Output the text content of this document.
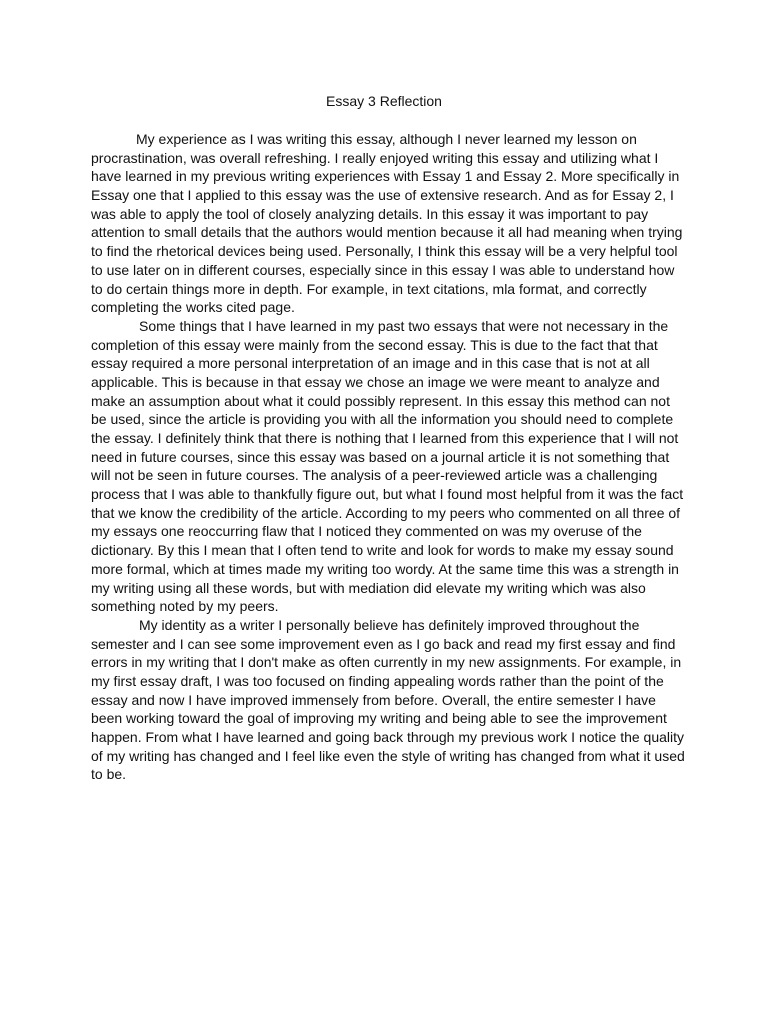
Essay 3 Reflection
My experience as I was writing this essay, although I never learned my lesson on
procrastination, was overall refreshing. I really enjoyed writing this essay and utilizing what I
have learned in my previous writing experiences with Essay 1 and Essay 2. More specifically in
Essay one that I applied to this essay was the use of extensive research. And as for Essay 2, I
was able to apply the tool of closely analyzing details. In this essay it was important to pay
attention to small details that the authors would mention because it all had meaning when trying
to find the rhetorical devices being used. Personally, I think this essay will be a very helpful tool
to use later on in different courses, especially since in this essay I was able to understand how
to do certain things more in depth. For example, in text citations, mla format, and correctly
completing the works cited page.
Some things that I have learned in my past two essays that were not necessary in the
completion of this essay were mainly from the second essay. This is due to the fact that that
essay required a more personal interpretation of an image and in this case that is not at all
applicable. This is because in that essay we chose an image we were meant to analyze and
make an assumption about what it could possibly represent. In this essay this method can not
be used, since the article is providing you with all the information you should need to complete
the essay. I definitely think that there is nothing that I learned from this experience that I will not
need in future courses, since this essay was based on a journal article it is not something that
will not be seen in future courses. The analysis of a peer-reviewed article was a challenging
process that I was able to thankfully figure out, but what I found most helpful from it was the fact
that we know the credibility of the article. According to my peers who commented on all three of
my essays one reoccurring flaw that I noticed they commented on was my overuse of the
dictionary. By this I mean that I often tend to write and look for words to make my essay sound
more formal, which at times made my writing too wordy. At the same time this was a strength in
my writing using all these words, but with mediation did elevate my writing which was also
something noted by my peers.
My identity as a writer I personally believe has definitely improved throughout the
semester and I can see some improvement even as I go back and read my first essay and find
errors in my writing that I don't make as often currently in my new assignments. For example, in
my first essay draft, I was too focused on finding appealing words rather than the point of the
essay and now I have improved immensely from before. Overall, the entire semester I have
been working toward the goal of improving my writing and being able to see the improvement
happen. From what I have learned and going back through my previous work I notice the quality
of my writing has changed and I feel like even the style of writing has changed from what it used
to be.
